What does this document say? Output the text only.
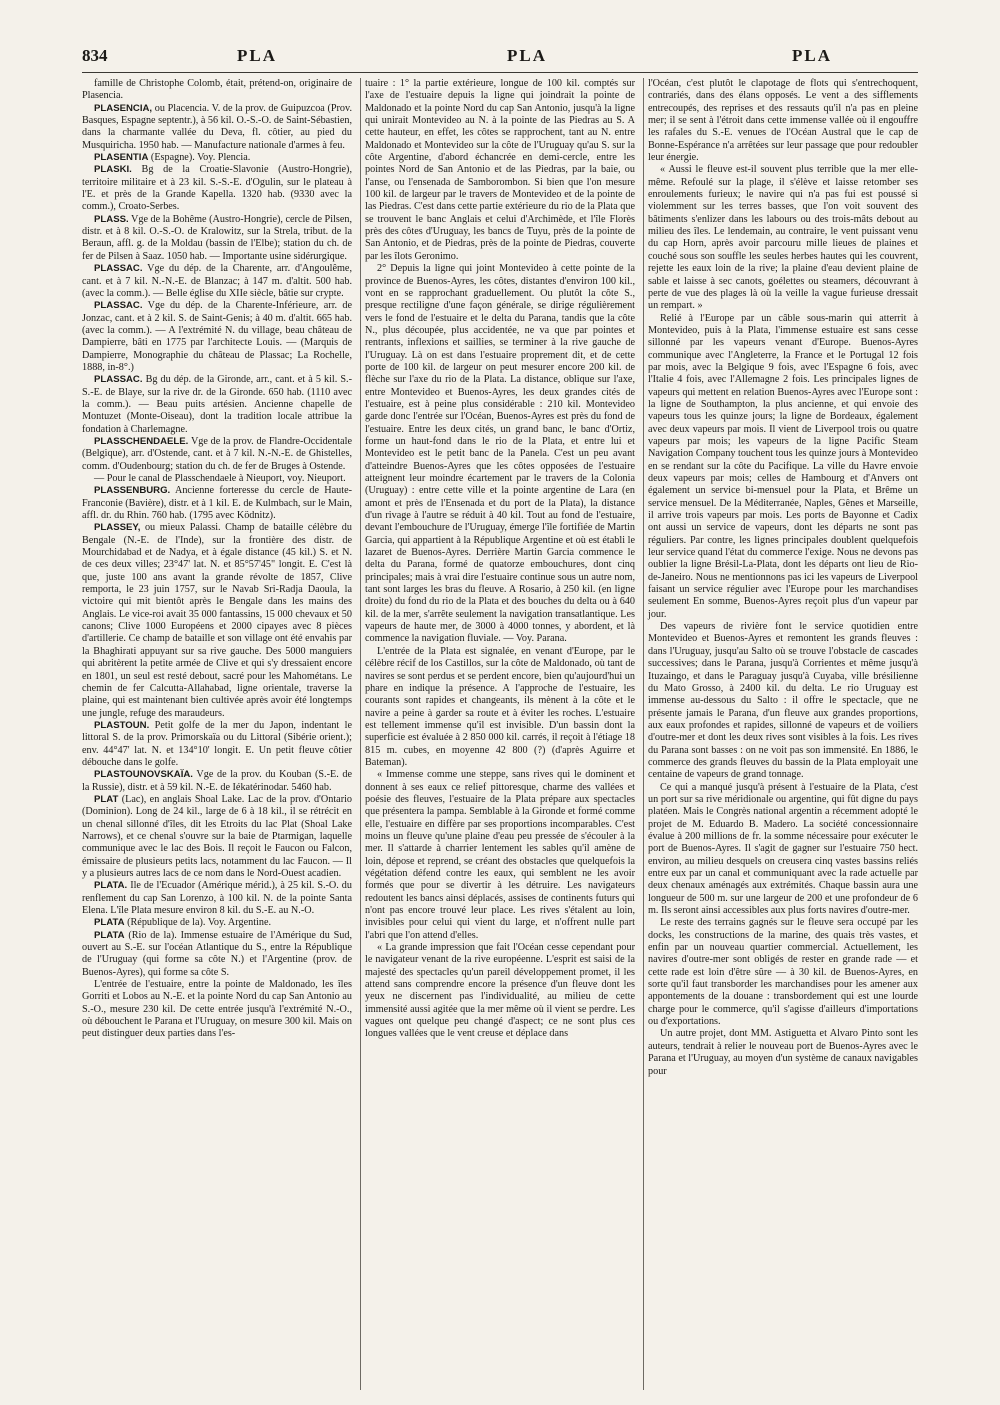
834	PLA	PLA	PLA

famille de Christophe Colomb, était, prétend-on, originaire de Plasencia.

PLASENCIA, ou Placencia. V. de la prov. de Guipuzcoa (Prov. Basques, Espagne septentr.), à 56 kil. O.-S.-O. de Saint-Sébastien, dans la charmante vallée du Deva, fl. côtier, au pied du Musquiricha. 1950 hab. — Manufacture nationale d'armes à feu.

PLASENTIA (Espagne). Voy. Plencia.

PLASKI. Bg de la Croatie-Slavonie (Austro-Hongrie), territoire militaire et à 23 kil. S.-S.-E. d'Ogulin, sur le plateau à l'E. et près de la Grande Kapella. 1320 hab. (9330 avec la comm.), Croato-Serbes.

PLASS. Vge de la Bohême (Austro-Hongrie), cercle de Pilsen, distr. et à 8 kil. O.-S.-O. de Kralowitz, sur la Strela, tribut. de la Beraun, affl. g. de la Moldau (bassin de l'Elbe); station du ch. de fer de Pilsen à Saaz. 1050 hab. — Importante usine sidérurgique.

PLASSAC. Vge du dép. de la Charente, arr. d'Angoulême, cant. et à 7 kil. N.-N.-E. de Blanzac; à 147 m. d'altit. 500 hab. (avec la comm.). — Belle église du XIIe siècle, bâtie sur crypte.

PLASSAC. Vge du dép. de la Charente-Inférieure, arr. de Jonzac, cant. et à 2 kil. S. de Saint-Genis; à 40 m. d'altit. 665 hab. (avec la comm.). — A l'extrémité N. du village, beau château de Dampierre, bâti en 1775 par l'architecte Louis. — (Marquis de Dampierre, Monographie du château de Plassac; La Rochelle, 1888, in-8°.)

PLASSAC. Bg du dép. de la Gironde, arr., cant. et à 5 kil. S.-S.-E. de Blaye, sur la rive dr. de la Gironde. 650 hab. (1110 avec la comm.). — Beau puits artésien. Ancienne chapelle de Montuzet (Monte-Oiseau), dont la tradition locale attribue la fondation à Charlemagne.

PLASSCHENDAELE. Vge de la prov. de Flandre-Occidentale (Belgique), arr. d'Ostende, cant. et à 7 kil. N.-N.-E. de Ghistelles, comm. d'Oudenbourg; station du ch. de fer de Bruges à Ostende.

— Pour le canal de Plasschendaele à Nieuport, voy. Nieuport.

PLASSENBURG. Ancienne forteresse du cercle de Haute-Franconie (Bavière), distr. et à 1 kil. E. de Kulmbach, sur le Main, affl. dr. du Rhin. 760 hab. (1795 avec Ködnitz).

PLASSEY, ou mieux Palassi. Champ de bataille célèbre du Bengale (N.-E. de l'Inde), sur la frontière des distr. de Mourchidabad et de Nadya, et à égale distance (45 kil.) S. et N. de ces deux villes; 23°47' lat. N. et 85°57'45" longit. E. C'est là que, juste 100 ans avant la grande révolte de 1857, Clive remporta, le 23 juin 1757, sur le Navab Sri-Radja Daoula, la victoire qui mit bientôt après le Bengale dans les mains des Anglais. Le vice-roi avait 35 000 fantassins, 15 000 chevaux et 50 canons; Clive 1000 Européens et 2000 cipayes avec 8 pièces d'artillerie. Ce champ de bataille et son village ont été envahis par la Bhaghirati appuyant sur sa rive gauche. Des 5000 manguiers qui abritèrent la petite armée de Clive et qui s'y dressaient encore en 1801, un seul est resté debout, sacré pour les Mahométans. Le chemin de fer Calcutta-Allahabad, ligne orientale, traverse la plaine, qui est maintenant bien cultivée après avoir été longtemps une jungle, refuge des maraudeurs.

PLASTOUN. Petit golfe de la mer du Japon, indentant le littoral S. de la prov. Primorskaïa ou du Littoral (Sibérie orient.); env. 44°47' lat. N. et 134°10' longit. E. Un petit fleuve côtier débouche dans le golfe.

PLASTOUNOVSKAÏA. Vge de la prov. du Kouban (S.-E. de la Russie), distr. et à 59 kil. N.-E. de Iékatérinodar. 5460 hab.

PLAT (Lac), en anglais Shoal Lake. Lac de la prov. d'Ontario (Dominion). Long de 24 kil., large de 6 à 18 kil., il se rétrécit en un chenal sillonné d'îles, dit les Etroits du lac Plat (Shoal Lake Narrows), et ce chenal s'ouvre sur la baie de Ptarmigan, laquelle communique avec le lac des Bois. Il reçoit le Faucon ou Falcon, émissaire de plusieurs petits lacs, notamment du lac Faucon. — Il y a plusieurs autres lacs de ce nom dans le Nord-Ouest acadien.

PLATA. Ile de l'Ecuador (Amérique mérid.), à 25 kil. S.-O. du renflement du cap San Lorenzo, à 100 kil. N. de la pointe Santa Elena. L'île Plata mesure environ 8 kil. du S.-E. au N.-O.

PLATA (République de la). Voy. Argentine.

PLATA (Rio de la). Immense estuaire de l'Amérique du Sud, ouvert au S.-E. sur l'océan Atlantique du S., entre la République de l'Uruguay (qui forme sa côte N.) et l'Argentine (prov. de Buenos-Ayres), qui forme sa côte S.

L'entrée de l'estuaire, entre la pointe de Maldonado, les îles Gorriti et Lobos au N.-E. et la pointe Nord du cap San Antonio au S.-O., mesure 230 kil. De cette entrée jusqu'à l'extrémité N.-O., où débouchent le Parana et l'Uruguay, on mesure 300 kil. Mais on peut distinguer deux parties dans l'es-

tuaire : 1° la partie extérieure, longue de 100 kil. comptés sur l'axe de l'estuaire depuis la ligne qui joindrait la pointe de Maldonado et la pointe Nord du cap San Antonio, jusqu'à la ligne qui unirait Montevideo au N. à la pointe de las Piedras au S. A cette hauteur, en effet, les côtes se rapprochent, tant au N. entre Maldonado et Montevideo sur la côte de l'Uruguay qu'au S. sur la côte Argentine, d'abord échancrée en demi-cercle, entre les pointes Nord de San Antonio et de las Piedras, par la baie, ou l'anse, ou l'ensenada de Samborombon. Si bien que l'on mesure 100 kil. de largeur par le travers de Montevideo et de la pointe de las Piedras. C'est dans cette partie extérieure du rio de la Plata que se trouvent le banc Anglais et celui d'Archimède, et l'île Florès près des côtes d'Uruguay, les bancs de Tuyu, près de la pointe de San Antonio, et de Piedras, près de la pointe de Piedras, couverte par les îlots Geronimo.

2° Depuis la ligne qui joint Montevideo à cette pointe de la province de Buenos-Ayres, les côtes, distantes d'environ 100 kil., vont en se rapprochant graduellement. Ou plutôt la côte S., presque rectiligne d'une façon générale, se dirige régulièrement vers le fond de l'estuaire et le delta du Parana, tandis que la côte N., plus découpée, plus accidentée, ne va que par pointes et rentrants, inflexions et saillies, se terminer à la rive gauche de l'Uruguay. Là on est dans l'estuaire proprement dit, et de cette porte de 100 kil. de largeur on peut mesurer encore 200 kil. de flèche sur l'axe du rio de la Plata. La distance, oblique sur l'axe, entre Montevideo et Buenos-Ayres, les deux grandes cités de l'estuaire, est à peine plus considérable : 210 kil. Montevideo garde donc l'entrée sur l'Océan, Buenos-Ayres est près du fond de l'estuaire. Entre les deux cités, un grand banc, le banc d'Ortiz, forme un haut-fond dans le rio de la Plata, et entre lui et Montevideo est le petit banc de la Panela. C'est un peu avant d'atteindre Buenos-Ayres que les côtes opposées de l'estuaire atteignent leur moindre écartement par le travers de la Colonia (Uruguay) : entre cette ville et la pointe argentine de Lara (en amont et près de l'Ensenada et du port de la Plata), la distance d'un rivage à l'autre se réduit à 40 kil. Tout au fond de l'estuaire, devant l'embouchure de l'Uruguay, émerge l'île fortifiée de Martin Garcia, qui appartient à la République Argentine et où est établi le lazaret de Buenos-Ayres. Derrière Martin Garcia commence le delta du Parana, formé de quatorze embouchures, dont cinq principales; mais à vrai dire l'estuaire continue sous un autre nom, tant sont larges les bras du fleuve. A Rosario, à 250 kil. (en ligne droite) du fond du rio de la Plata et des bouches du delta ou à 640 kil. de la mer, s'arrête seulement la navigation transatlantique. Les vapeurs de haute mer, de 3000 à 4000 tonnes, y abordent, et là commence la navigation fluviale. — Voy. Parana.

L'entrée de la Plata est signalée, en venant d'Europe, par le célèbre récif de los Castillos, sur la côte de Maldonado, où tant de navires se sont perdus et se perdent encore, bien qu'aujourd'hui un phare en indique la présence. A l'approche de l'estuaire, les courants sont rapides et changeants, ils mènent à la côte et le navire a peine à garder sa route et à éviter les roches. L'estuaire est tellement immense qu'il est invisible. D'un bassin dont la superficie est évaluée à 2 850 000 kil. carrés, il reçoit à l'étiage 18 815 m. cubes, en moyenne 42 800 (?) (d'après Aguirre et Bateman).

« Immense comme une steppe, sans rives qui le dominent et donnent à ses eaux ce relief pittoresque, charme des vallées et poésie des fleuves, l'estuaire de la Plata prépare aux spectacles que présentera la pampa. Semblable à la Gironde et formé comme elle, l'estuaire en diffère par ses proportions incomparables. C'est moins un fleuve qu'une plaine d'eau peu pressée de s'écouler à la mer. Il s'attarde à charrier lentement les sables qu'il amène de loin, dépose et reprend, se créant des obstacles que quelquefois la végétation défend contre les eaux, qui semblent ne les avoir formés que pour se divertir à les détruire. Les navigateurs redoutent les bancs ainsi déplacés, assises de continents futurs qui n'ont pas encore trouvé leur place. Les rives s'étalent au loin, invisibles pour celui qui vient du large, et n'offrent nulle part l'abri que l'on attend d'elles.

« La grande impression que fait l'Océan cesse cependant pour le navigateur venant de la rive européenne. L'esprit est saisi de la majesté des spectacles qu'un pareil développement promet, il les attend sans comprendre encore la présence d'un fleuve dont les yeux ne discernent pas l'individualité, au milieu de cette immensité aussi agitée que la mer même où il vient se perdre. Les vagues ont quelque peu changé d'aspect; ce ne sont plus ces longues vallées que le vent creuse et déplace dans

l'Océan, c'est plutôt le clapotage de flots qui s'entrechoquent, contrariés, dans des élans opposés. Le vent a des sifflements entrecoupés, des reprises et des ressauts qu'il n'a pas en pleine mer; il se sent à l'étroit dans cette immense vallée où il engouffre les rafales du S.-E. venues de l'Océan Austral que le cap de Bonne-Espérance n'a arrêtées sur leur passage que pour redoubler leur énergie.

« Aussi le fleuve est-il souvent plus terrible que la mer elle-même. Refoulé sur la plage, il s'élève et laisse retomber ses enroulements furieux; le navire qui n'a pas fui est poussé si violemment sur les terres basses, que l'on voit souvent des bâtiments s'enlizer dans les labours ou des trois-mâts debout au milieu des îles. Le lendemain, au contraire, le vent puissant venu du cap Horn, après avoir parcouru mille lieues de plaines et couché sous son souffle les seules herbes hautes qui les couvrent, rejette les eaux loin de la rive; la plaine d'eau devient plaine de sable et laisse à sec canots, goélettes ou steamers, découvrant à perte de vue des plages là où la veille la vague furieuse dressait un rempart. »

Relié à l'Europe par un câble sous-marin qui atterrit à Montevideo, puis à la Plata, l'immense estuaire est sans cesse sillonné par les vapeurs venant d'Europe. Buenos-Ayres communique avec l'Angleterre, la France et le Portugal 12 fois par mois, avec la Belgique 9 fois, avec l'Espagne 6 fois, avec l'Italie 4 fois, avec l'Allemagne 2 fois. Les principales lignes de vapeurs qui mettent en relation Buenos-Ayres avec l'Europe sont : la ligne de Southampton, la plus ancienne, et qui envoie des vapeurs tous les quinze jours; la ligne de Bordeaux, également avec deux vapeurs par mois. Il vient de Liverpool trois ou quatre vapeurs par mois; les vapeurs de la ligne Pacific Steam Navigation Company touchent tous les quinze jours à Montevideo en se rendant sur la côte du Pacifique. La ville du Havre envoie deux vapeurs par mois; celles de Hambourg et d'Anvers ont également un service bi-mensuel pour la Plata, et Brême un service mensuel. De la Méditerranée, Naples, Gênes et Marseille, il arrive trois vapeurs par mois. Les ports de Bayonne et Cadix ont aussi un service de vapeurs, dont les départs ne sont pas réguliers. Par contre, les lignes principales doublent quelquefois leur service quand l'état du commerce l'exige. Nous ne devons pas oublier la ligne Brésil-La-Plata, dont les départs ont lieu de Rio-de-Janeiro. Nous ne mentionnons pas ici les vapeurs de Liverpool faisant un service régulier avec l'Europe pour les marchandises seulement En somme, Buenos-Ayres reçoit plus d'un vapeur par jour.

Des vapeurs de rivière font le service quotidien entre Montevideo et Buenos-Ayres et remontent les grands fleuves : dans l'Uruguay, jusqu'au Salto où se trouve l'obstacle de cascades successives; dans le Parana, jusqu'à Corrientes et même jusqu'à Ituzaingo, et dans le Paraguay jusqu'à Cuyaba, ville brésilienne du Mato Grosso, à 2400 kil. du delta. Le rio Uruguay est immense au-dessous du Salto : il offre le spectacle, que ne présente jamais le Parana, d'un fleuve aux grandes proportions, aux eaux profondes et rapides, sillonné de vapeurs et de voiliers d'outre-mer et dont les deux rives sont visibles à la fois. Les rives du Parana sont basses : on ne voit pas son immensité. En 1886, le commerce des grands fleuves du bassin de la Plata employait une centaine de vapeurs de grand tonnage.

Ce qui a manqué jusqu'à présent à l'estuaire de la Plata, c'est un port sur sa rive méridionale ou argentine, qui fût digne du pays platéen. Mais le Congrès national argentin a récemment adopté le projet de M. Eduardo B. Madero. La société concessionnaire évalue à 200 millions de fr. la somme nécessaire pour exécuter le port de Buenos-Ayres. Il s'agit de gagner sur l'estuaire 750 hect. environ, au milieu desquels on creusera cinq vastes bassins reliés entre eux par un canal et communiquant avec la rade actuelle par deux chenaux aménagés aux extrémités. Chaque bassin aura une longueur de 500 m. sur une largeur de 200 et une profondeur de 6 m. Ils seront ainsi accessibles aux plus forts navires d'outre-mer.

Le reste des terrains gagnés sur le fleuve sera occupé par les docks, les constructions de la marine, des quais très vastes, et enfin par un nouveau quartier commercial. Actuellement, les navires d'outre-mer sont obligés de rester en grande rade — et cette rade est loin d'être sûre — à 30 kil. de Buenos-Ayres, en sorte qu'il faut transborder les marchandises pour les amener aux appontements de la douane : transbordement qui est une lourde charge pour le commerce, qu'il s'agisse d'ailleurs d'importations ou d'exportations.

Un autre projet, dont MM. Astiguetta et Alvaro Pinto sont les auteurs, tendrait à relier le nouveau port de Buenos-Ayres avec le Parana et l'Uruguay, au moyen d'un système de canaux navigables pour
